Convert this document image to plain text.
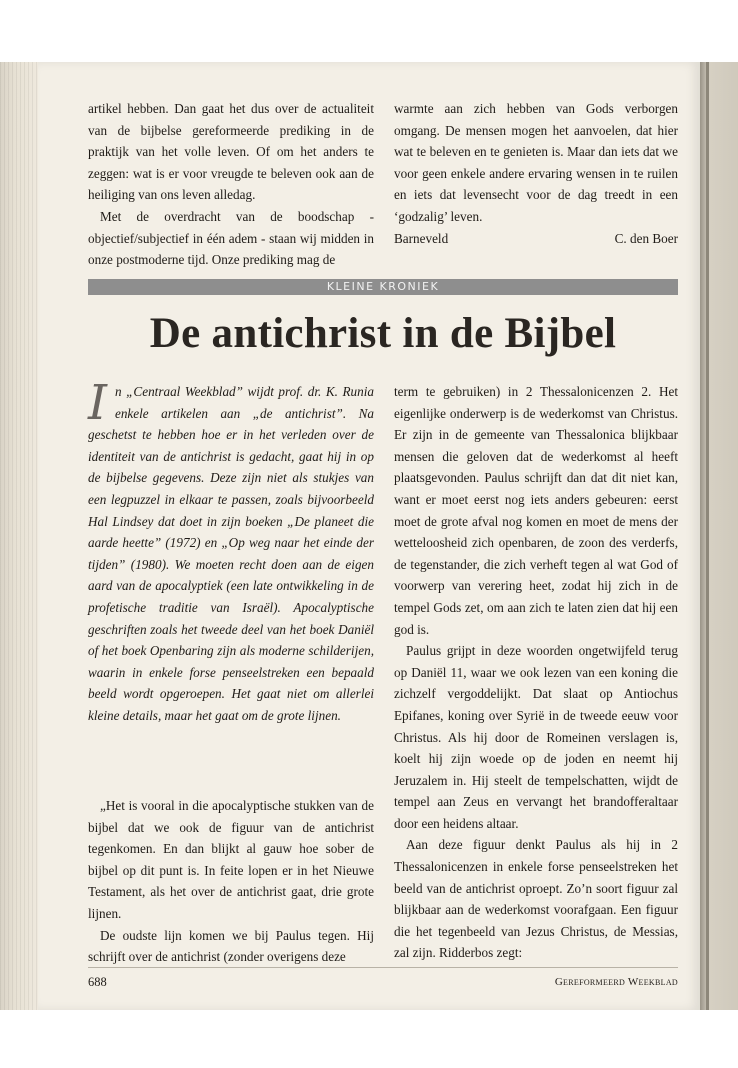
artikel hebben. Dan gaat het dus over de actualiteit van de bijbelse gereformeerde prediking in de praktijk van het volle leven. Of om het anders te zeggen: wat is er voor vreugde te beleven ook aan de heiliging van ons leven alledag.

Met de overdracht van de boodschap - objectief/subjectief in één adem - staan wij midden in onze postmoderne tijd. Onze prediking mag de

warmte aan zich hebben van Gods verborgen omgang. De mensen mogen het aanvoelen, dat hier wat te beleven en te genieten is. Maar dan iets dat we voor geen enkele andere ervaring wensen in te ruilen en iets dat levensecht voor de dag treedt in een ‘godzalig’ leven.

Barneveld	C. den Boer
KLEINE KRONIEK
De antichrist in de Bijbel
I n „Centraal Weekblad” wijdt prof. dr. K. Runia enkele artikelen aan „de antichrist”. Na geschetst te hebben hoe er in het verleden over de identiteit van de antichrist is gedacht, gaat hij in op de bijbelse gegevens. Deze zijn niet als stukjes van een legpuzzel in elkaar te passen, zoals bijvoorbeeld Hal Lindsey dat doet in zijn boeken „De planeet die aarde heette” (1972) en „Op weg naar het einde der tijden” (1980). We moeten recht doen aan de eigen aard van de apocalyptiek (een late ontwikkeling in de profetische traditie van Israël). Apocalyptische geschriften zoals het tweede deel van het boek Daniël of het boek Openbaring zijn als moderne schilderijen, waarin in enkele forse penseelstreken een bepaald beeld wordt opgeroepen. Het gaat niet om allerlei kleine details, maar het gaat om de grote lijnen.

„Het is vooral in die apocalyptische stukken van de bijbel dat we ook de figuur van de antichrist tegenkomen. En dan blijkt al gauw hoe sober de bijbel op dit punt is. In feite lopen er in het Nieuwe Testament, als het over de antichrist gaat, drie grote lijnen.

De oudste lijn komen we bij Paulus tegen. Hij schrijft over de antichrist (zonder overigens deze

term te gebruiken) in 2 Thessalonicenzen 2. Het eigenlijke onderwerp is de wederkomst van Christus. Er zijn in de gemeente van Thessalonica blijkbaar mensen die geloven dat de wederkomst al heeft plaatsgevonden. Paulus schrijft dan dat dit niet kan, want er moet eerst nog iets anders gebeuren: eerst moet de grote afval nog komen en moet de mens der wetteloosheid zich openbaren, de zoon des verderfs, de tegenstander, die zich verheft tegen al wat God of voorwerp van verering heet, zodat hij zich in de tempel Gods zet, om aan zich te laten zien dat hij een god is.

Paulus grijpt in deze woorden ongetwijfeld terug op Daniël 11, waar we ook lezen van een koning die zichzelf vergoddelijkt. Dat slaat op Antiochus Epifanes, koning over Syrië in de tweede eeuw voor Christus. Als hij door de Romeinen verslagen is, koelt hij zijn woede op de joden en neemt hij Jeruzalem in. Hij steelt de tempelschatten, wijdt de tempel aan Zeus en vervangt het brandofferaltaar door een heidens altaar.

Aan deze figuur denkt Paulus als hij in 2 Thessalonicenzen in enkele forse penseelstreken het beeld van de antichrist oproept. Zo’n soort figuur zal blijkbaar aan de wederkomst voorafgaan. Een figuur die het tegenbeeld van Jezus Christus, de Messias, zal zijn. Ridderbos zegt:

688	Gereformeerd Weekblad
